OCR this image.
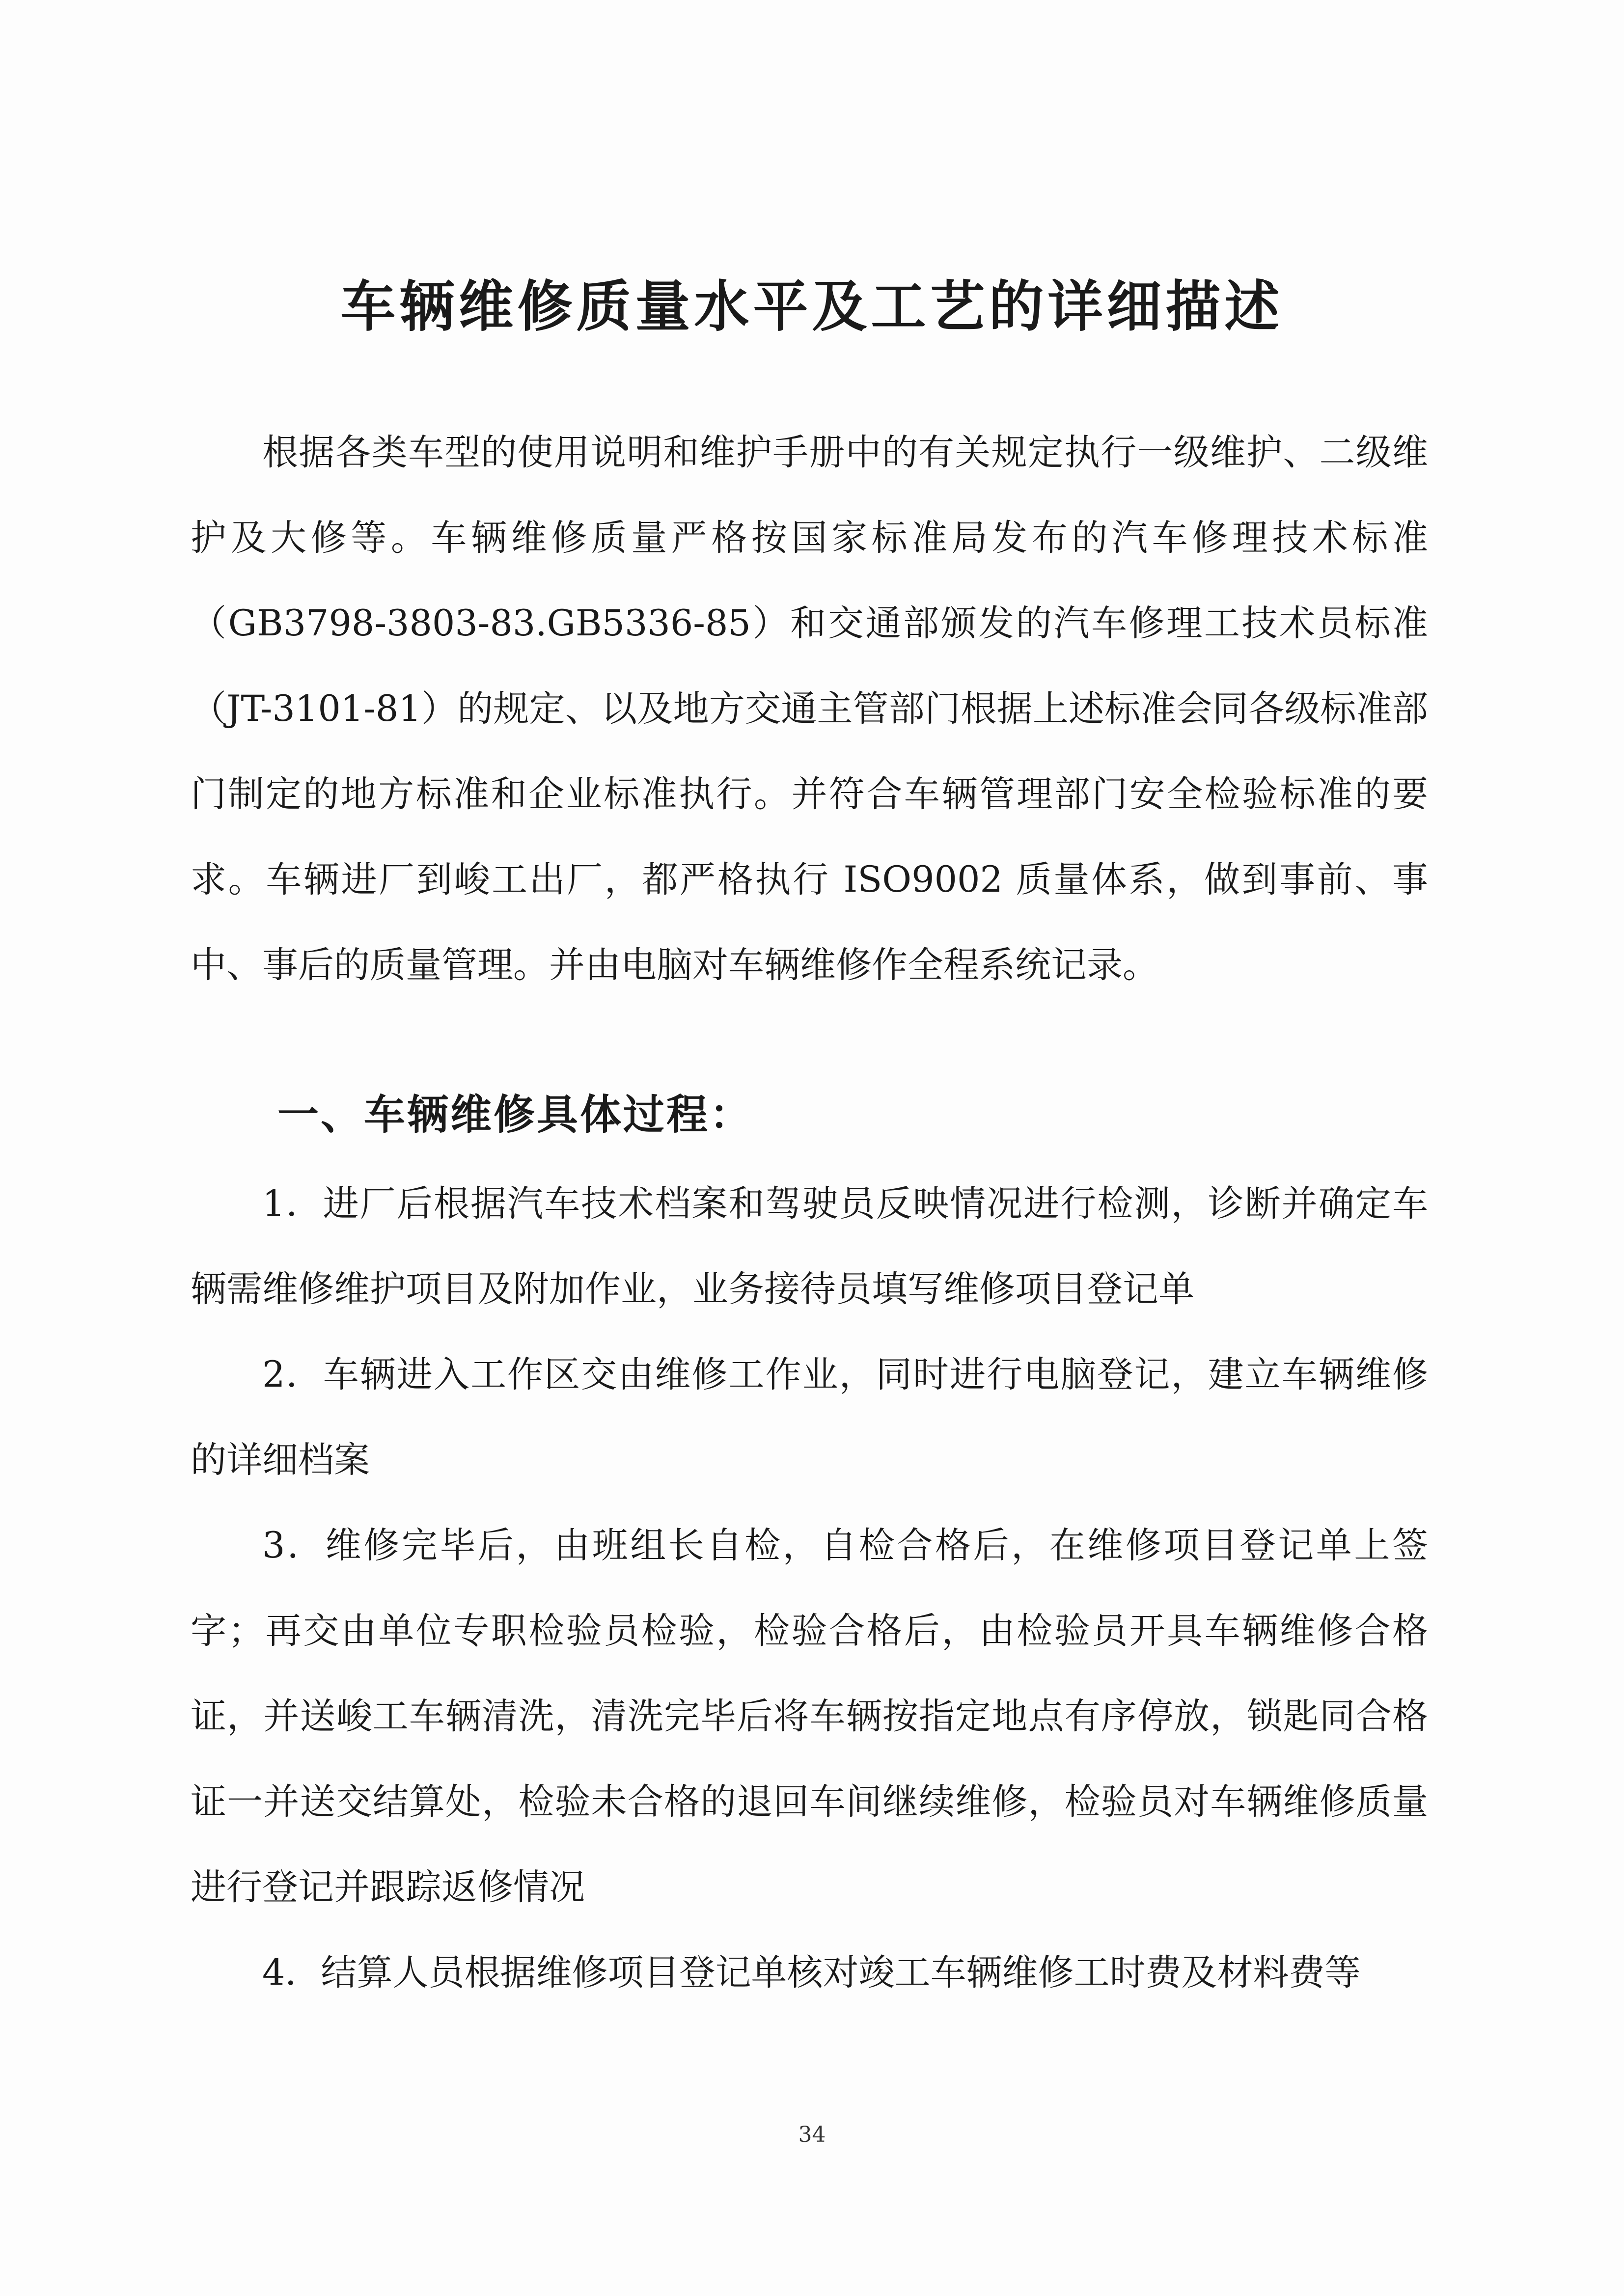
车辆维修质量水平及工艺的详细描述

根据各类车型的使用说明和维护手册中的有关规定执行一级维护、二级维护及大修等。车辆维修质量严格按国家标准局发布的汽车修理技术标准（GB3798-3803-83.GB5336-85）和交通部颁发的汽车修理工技术员标准（JT-3101-81）的规定、以及地方交通主管部门根据上述标准会同各级标准部门制定的地方标准和企业标准执行。并符合车辆管理部门安全检验标准的要求。车辆进厂到峻工出厂，都严格执行 ISO9002 质量体系，做到事前、事中、事后的质量管理。并由电脑对车辆维修作全程系统记录。

一、车辆维修具体过程：

1．进厂后根据汽车技术档案和驾驶员反映情况进行检测，诊断并确定车辆需维修维护项目及附加作业，业务接待员填写维修项目登记单

2．车辆进入工作区交由维修工作业，同时进行电脑登记，建立车辆维修的详细档案

3．维修完毕后，由班组长自检，自检合格后，在维修项目登记单上签字；再交由单位专职检验员检验，检验合格后，由检验员开具车辆维修合格证，并送峻工车辆清洗，清洗完毕后将车辆按指定地点有序停放，锁匙同合格证一并送交结算处，检验未合格的退回车间继续维修，检验员对车辆维修质量进行登记并跟踪返修情况

4．结算人员根据维修项目登记单核对竣工车辆维修工时费及材料费等

34
